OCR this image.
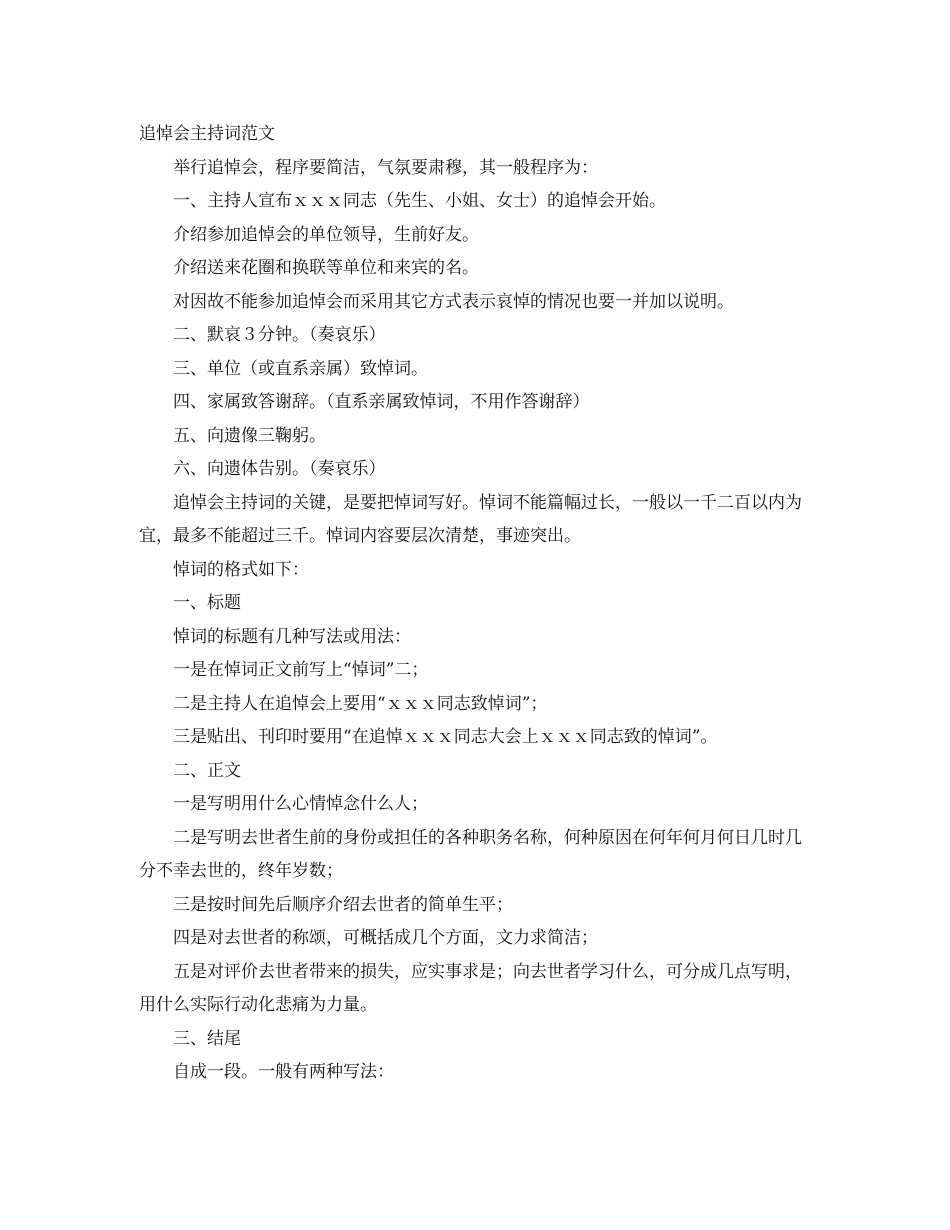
追悼会主持词范文

举行追悼会，程序要简洁，气氛要肃穆，其一般程序为：

一、主持人宣布ｘｘｘ同志（先生、小姐、女士）的追悼会开始。

介绍参加追悼会的单位领导，生前好友。

介绍送来花圈和换联等单位和来宾的名。

对因故不能参加追悼会而采用其它方式表示哀悼的情况也要一并加以说明。

二、默哀３分钟。（奏哀乐）

三、单位（或直系亲属）致悼词。

四、家属致答谢辞。（直系亲属致悼词，不用作答谢辞）

五、向遗像三鞠躬。

六、向遗体告别。（奏哀乐）

追悼会主持词的关键，是要把悼词写好。悼词不能篇幅过长，一般以一千二百以内为宜，最多不能超过三千。悼词内容要层次清楚，事迹突出。

悼词的格式如下：

一、标题

悼词的标题有几种写法或用法：

一是在悼词正文前写上“悼词”二；

二是主持人在追悼会上要用“ｘｘｘ同志致悼词”；

三是贴出、刊印时要用“在追悼ｘｘｘ同志大会上ｘｘｘ同志致的悼词”。

二、正文

一是写明用什么心情悼念什么人；

二是写明去世者生前的身份或担任的各种职务名称，何种原因在何年何月何日几时几分不幸去世的，终年岁数；

三是按时间先后顺序介绍去世者的简单生平；

四是对去世者的称颂，可概括成几个方面，文力求简洁；

五是对评价去世者带来的损失，应实事求是；向去世者学习什么，可分成几点写明，用什么实际行动化悲痛为力量。

三、结尾

自成一段。一般有两种写法：
